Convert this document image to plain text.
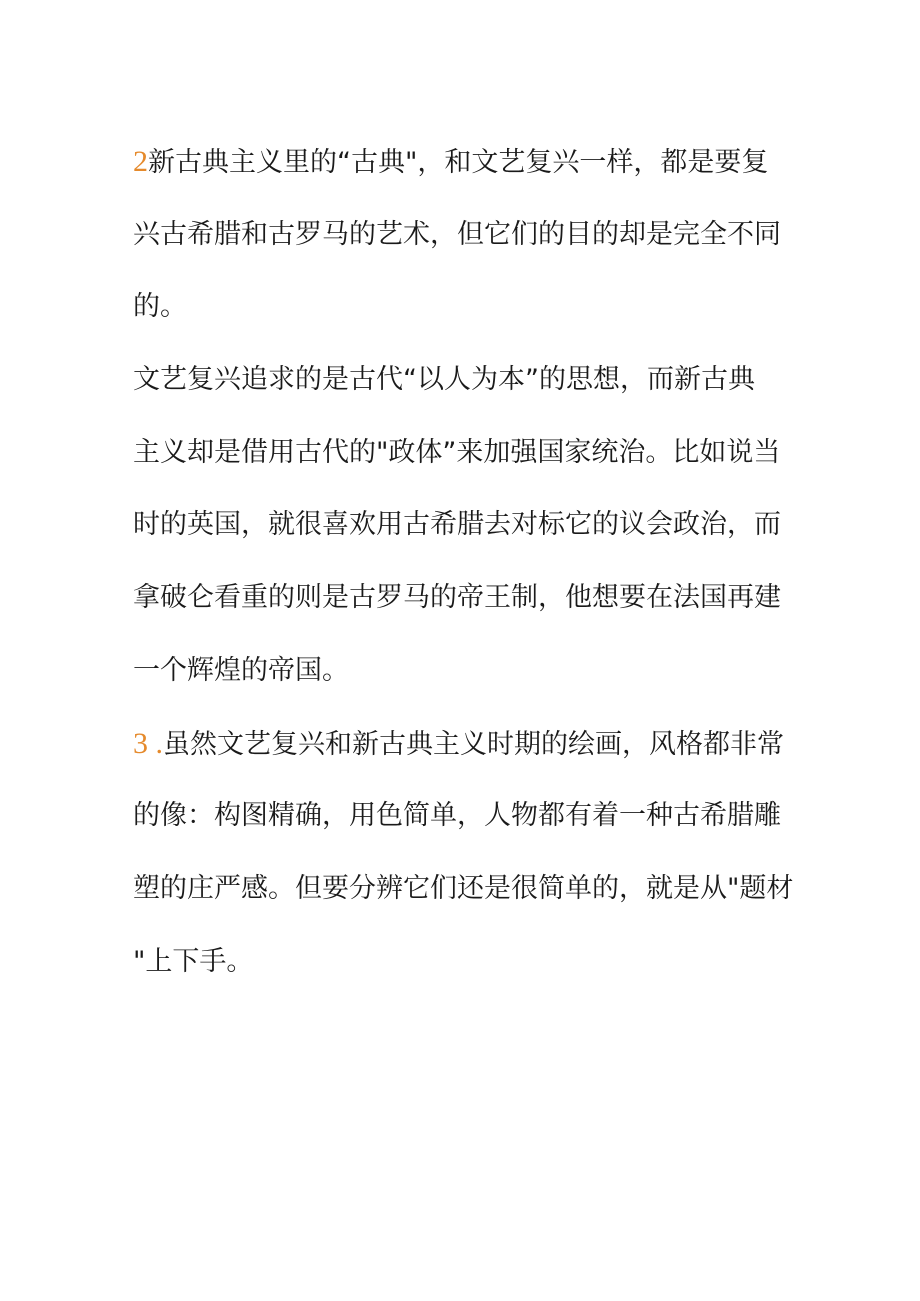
2新古典主义里的“古典"，和文艺复兴一样，都是要复
兴古希腊和古罗马的艺术，但它们的目的却是完全不同
的。
文艺复兴追求的是古代“以人为本”的思想，而新古典
主义却是借用古代的"政体”来加强国家统治。比如说当
时的英国，就很喜欢用古希腊去对标它的议会政治，而
拿破仑看重的则是古罗马的帝王制，他想要在法国再建
一个辉煌的帝国。
3 .虽然文艺复兴和新古典主义时期的绘画，风格都非常
的像：构图精确，用色简单，人物都有着一种古希腊雕
塑的庄严感。但要分辨它们还是很简单的，就是从"题材
"上下手。
